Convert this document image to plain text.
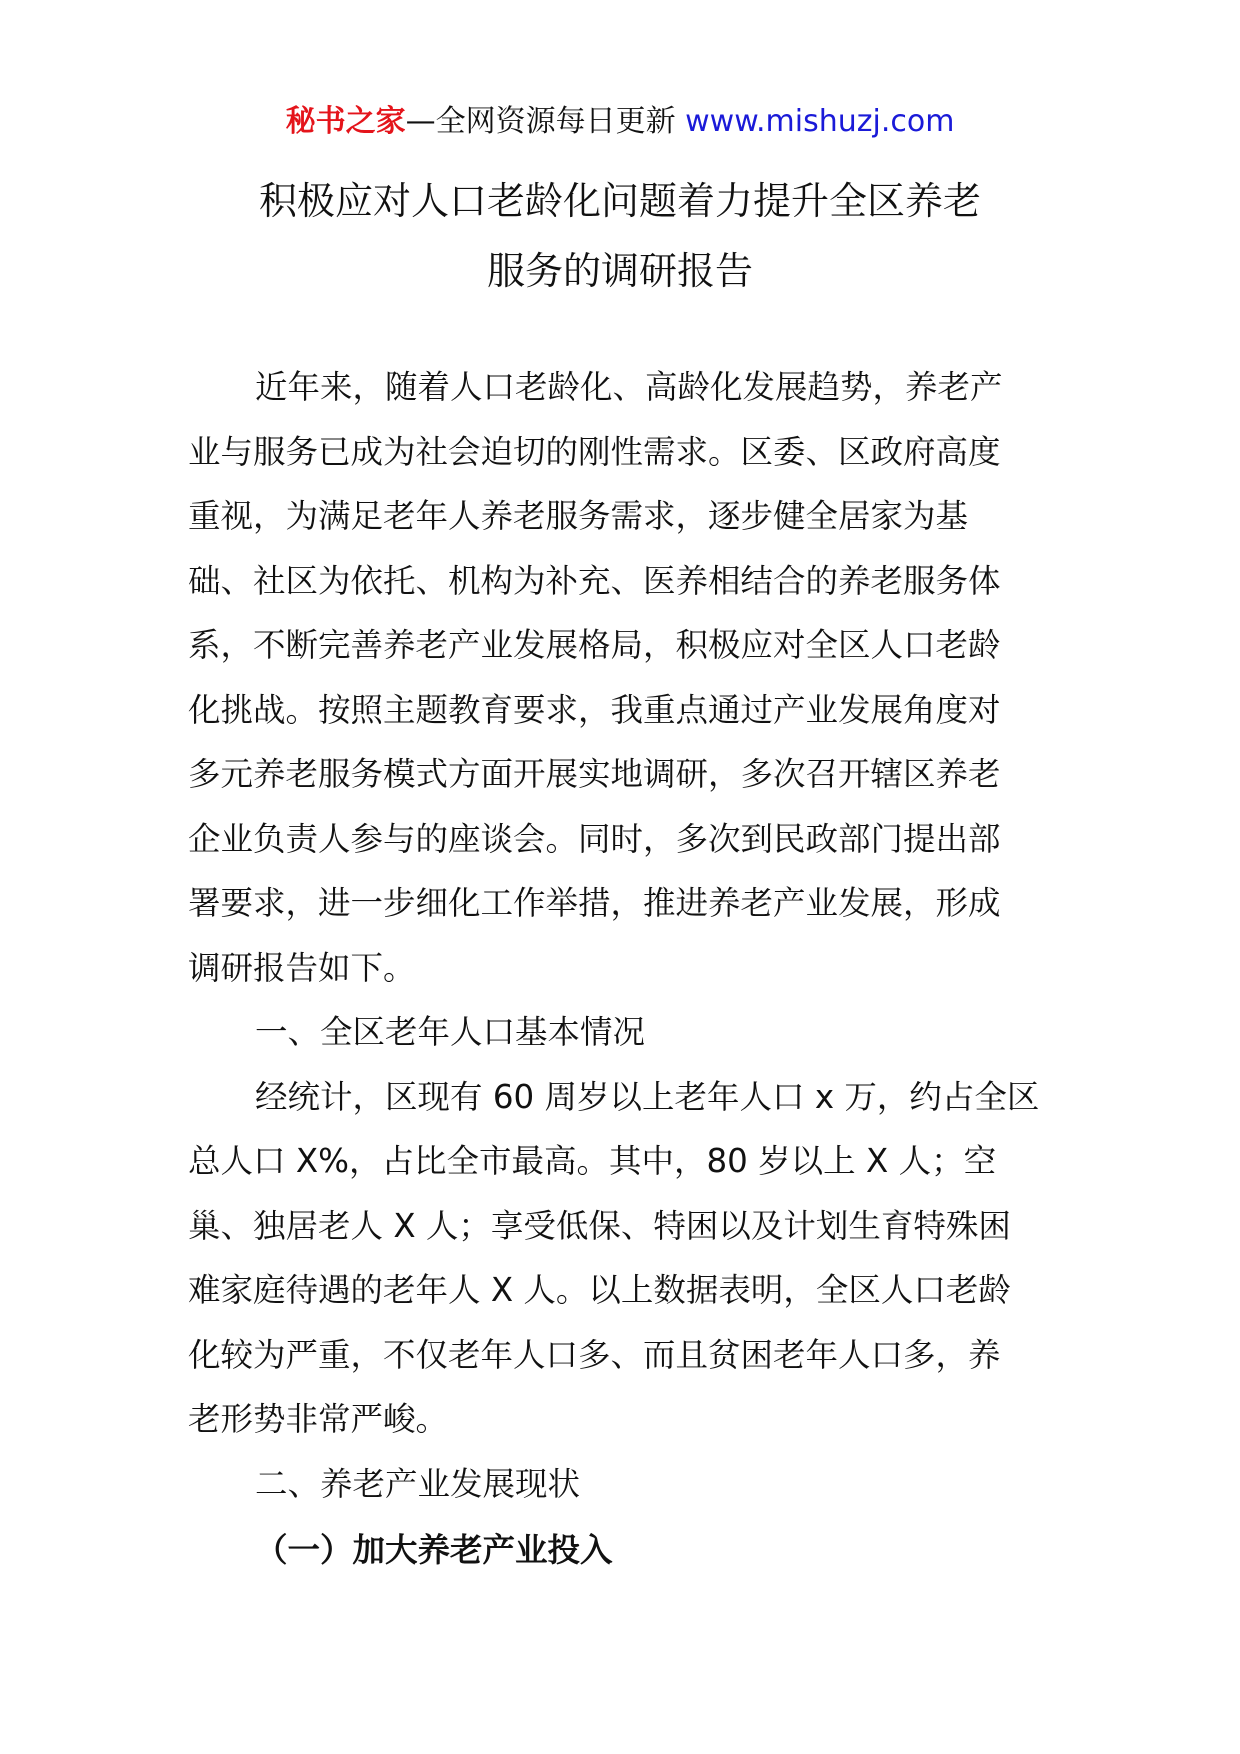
秘书之家—全网资源每日更新 www.mishuzj.com
积极应对人口老龄化问题着力提升全区养老
服务的调研报告
近年来，随着人口老龄化、高龄化发展趋势，养老产
业与服务已成为社会迫切的刚性需求。区委、区政府高度
重视，为满足老年人养老服务需求，逐步健全居家为基
础、社区为依托、机构为补充、医养相结合的养老服务体
系，不断完善养老产业发展格局，积极应对全区人口老龄
化挑战。按照主题教育要求，我重点通过产业发展角度对
多元养老服务模式方面开展实地调研，多次召开辖区养老
企业负责人参与的座谈会。同时，多次到民政部门提出部
署要求，进一步细化工作举措，推进养老产业发展，形成
调研报告如下。
一、全区老年人口基本情况
经统计，区现有 60 周岁以上老年人口 x 万，约占全区
总人口 X%，占比全市最高。其中，80 岁以上 X 人；空
巢、独居老人 X 人；享受低保、特困以及计划生育特殊困
难家庭待遇的老年人 X 人。以上数据表明，全区人口老龄
化较为严重，不仅老年人口多、而且贫困老年人口多，养
老形势非常严峻。
二、养老产业发展现状
（一）加大养老产业投入
